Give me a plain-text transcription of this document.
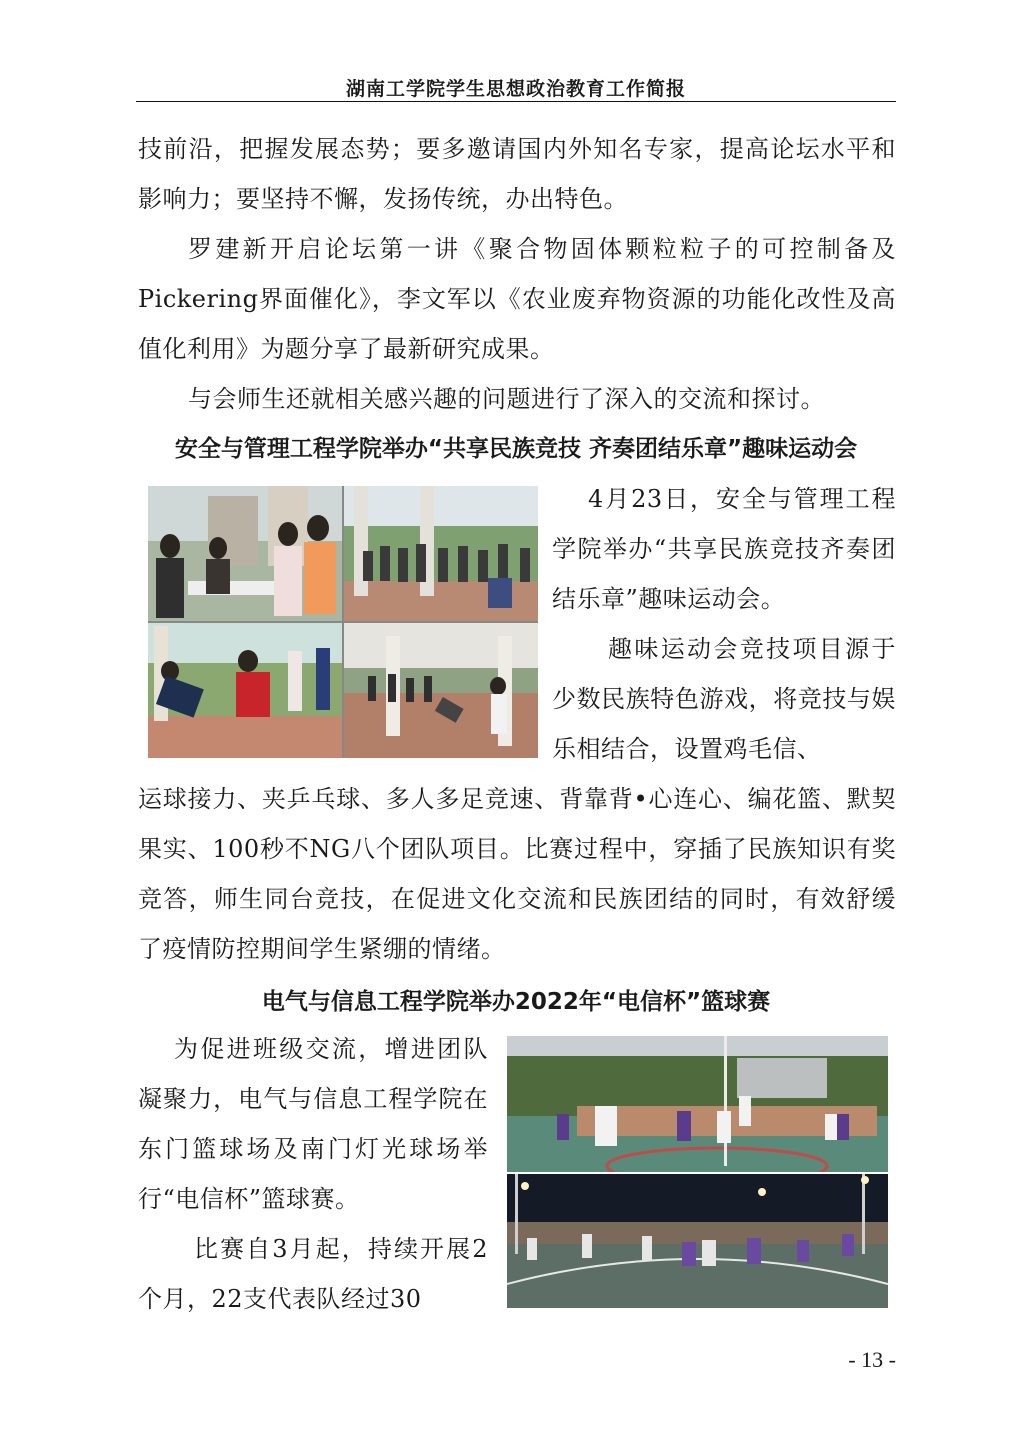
湖南工学院学生思想政治教育工作简报
技前沿，把握发展态势；要多邀请国内外知名专家，提高论坛水平和影响力；要坚持不懈，发扬传统，办出特色。
罗建新开启论坛第一讲《聚合物固体颗粒粒子的可控制备及Pickering界面催化》，李文军以《农业废弃物资源的功能化改性及高值化利用》为题分享了最新研究成果。
与会师生还就相关感兴趣的问题进行了深入的交流和探讨。
安全与管理工程学院举办“共享民族竞技 齐奏团结乐章”趣味运动会
4月23日，安全与管理工程学院举办“共享民族竞技齐奏团结乐章”趣味运动会。
趣味运动会竞技项目源于少数民族特色游戏，将竞技与娱乐相结合，设置鸡毛信、
运球接力、夹乒乓球、多人多足竞速、背靠背•心连心、编花篮、默契果实、100秒不NG八个团队项目。比赛过程中，穿插了民族知识有奖竞答，师生同台竞技，在促进文化交流和民族团结的同时，有效舒缓了疫情防控期间学生紧绷的情绪。
电气与信息工程学院举办2022年“电信杯”篮球赛
为促进班级交流，增进团队凝聚力，电气与信息工程学院在东门篮球场及南门灯光球场举行“电信杯”篮球赛。
比赛自3月起，持续开展2个月，22支代表队经过30
- 13 -
